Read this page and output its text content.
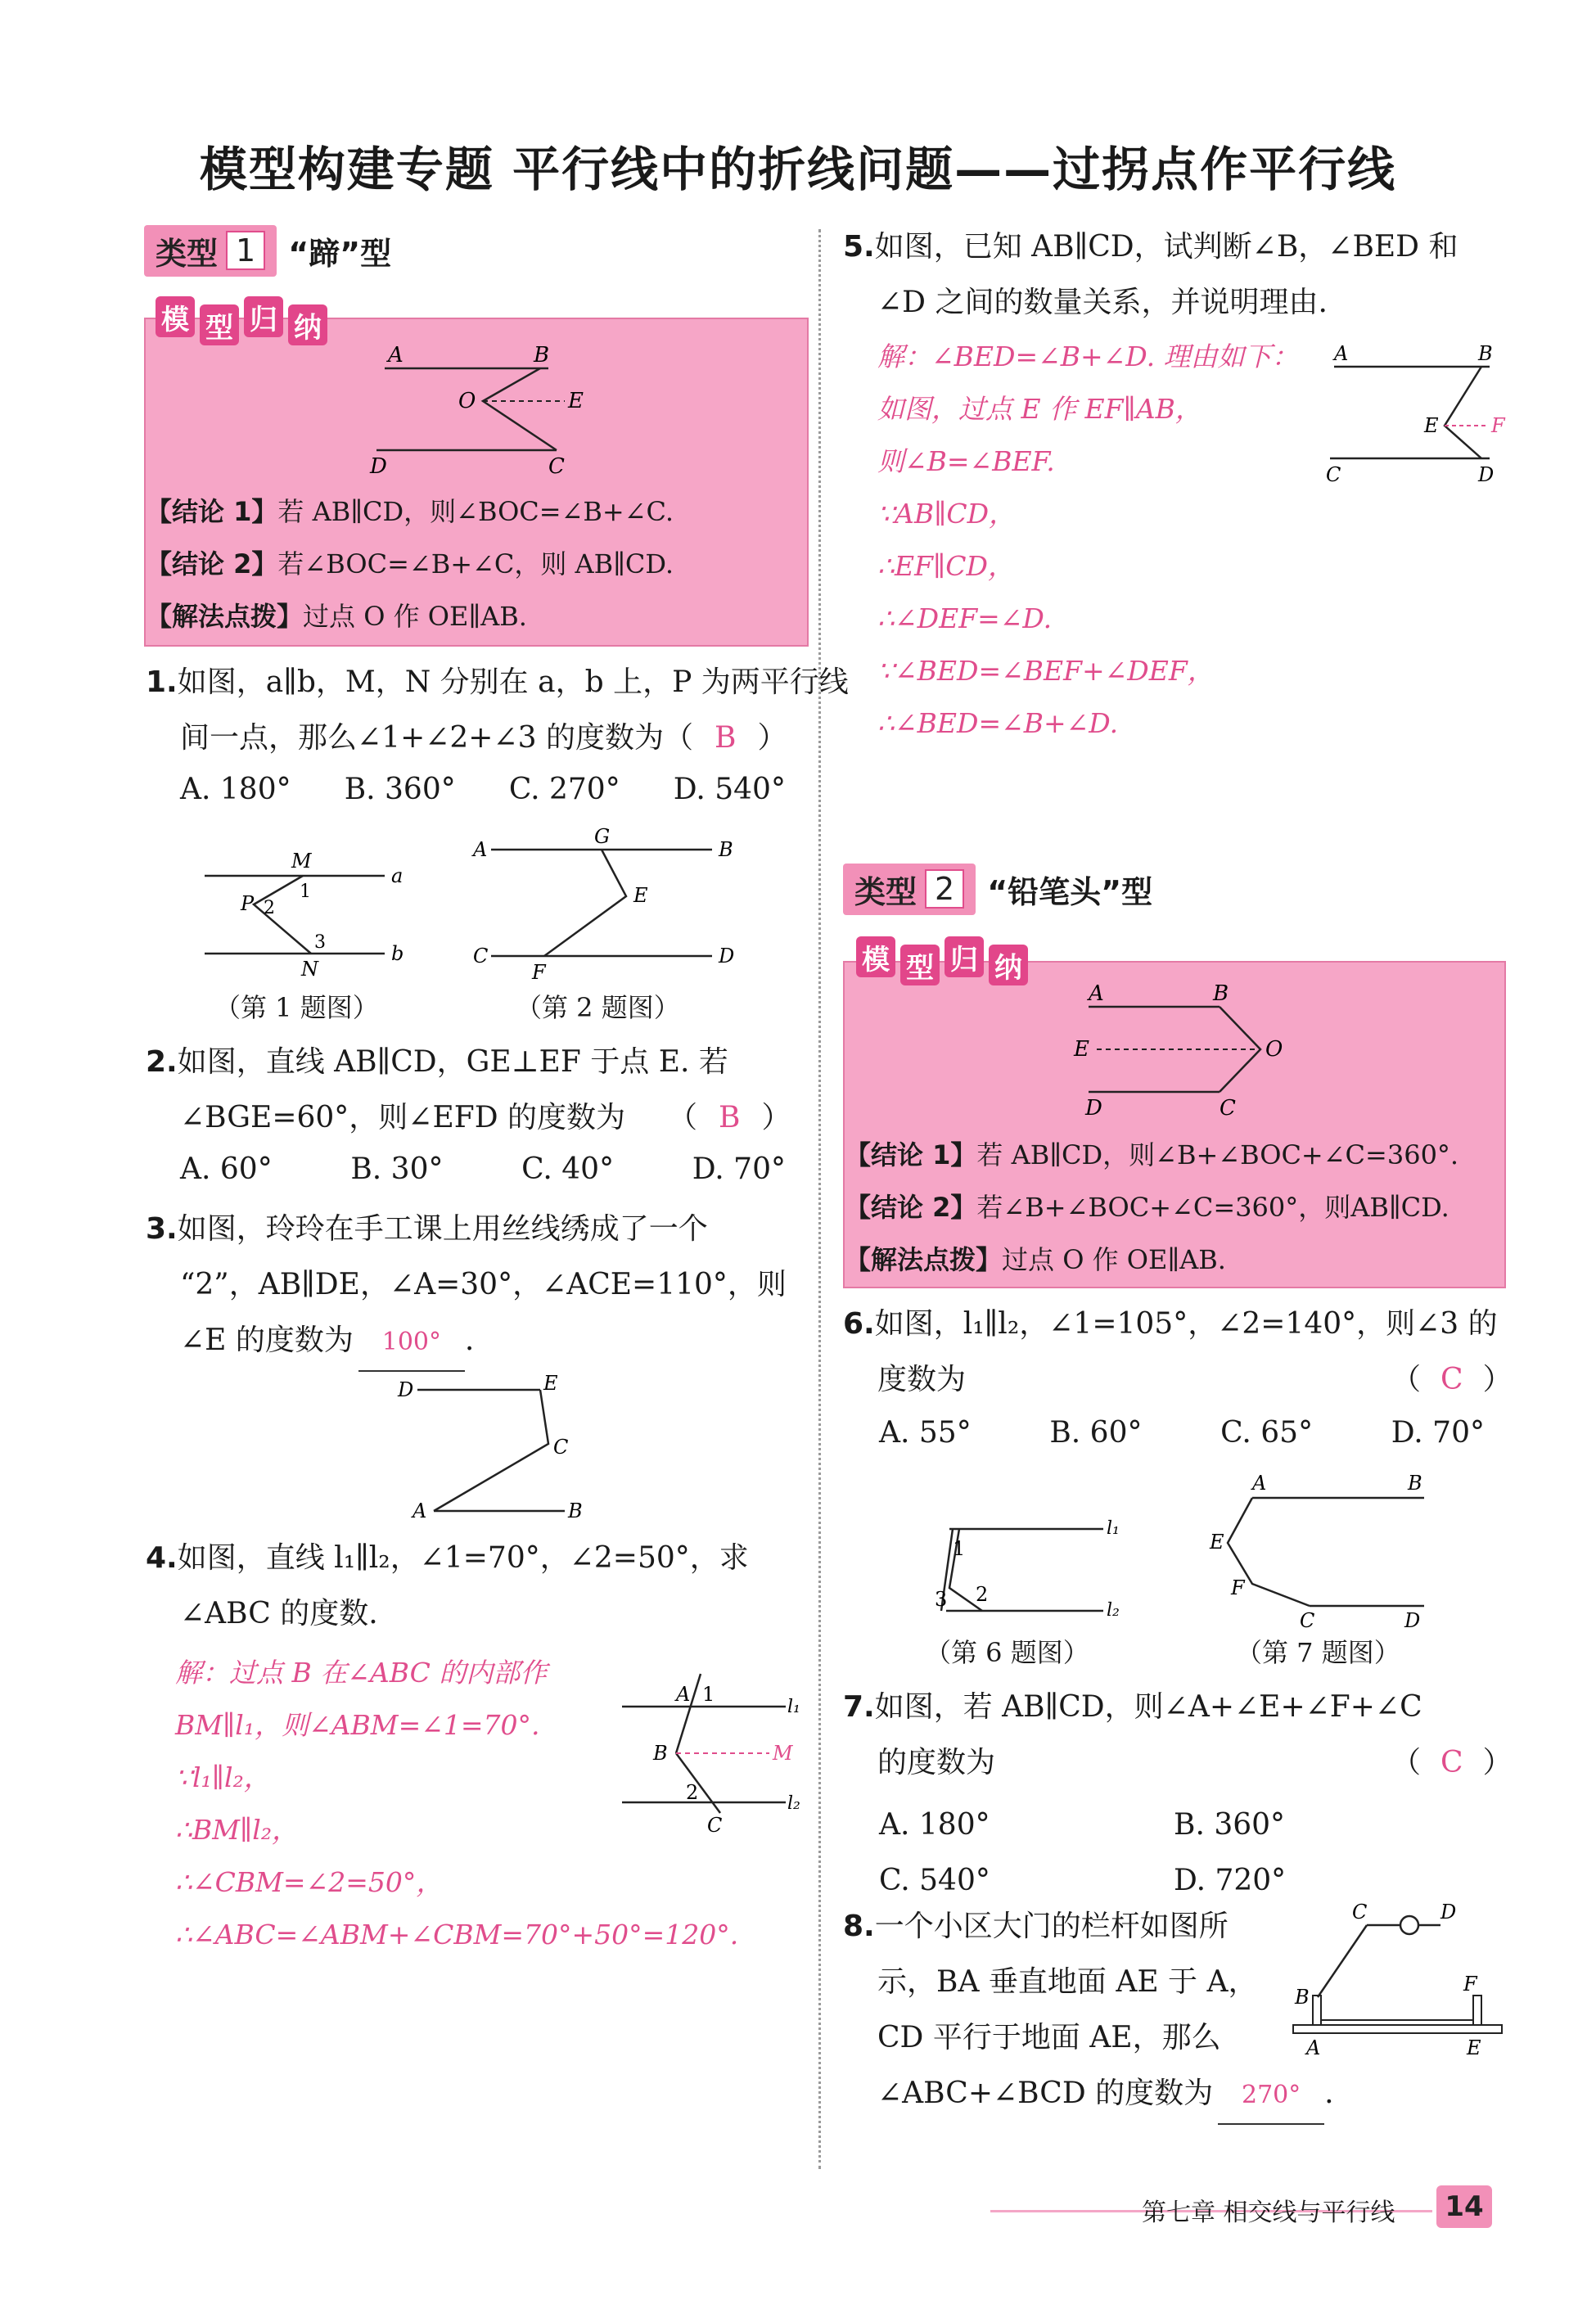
模型构建专题 平行线中的折线问题——过拐点作平行线
类型 1	“蹄”型
模 型 归 纳
A	B
O	E
D	C
【结论 1】若 AB∥CD，则∠BOC=∠B+∠C.
【结论 2】若∠BOC=∠B+∠C，则 AB∥CD.
【解法点拨】过点 O 作 OE∥AB.
1.如图，a∥b，M，N 分别在 a，b 上，P 为两平行线
间一点，那么∠1+∠2+∠3 的度数为（ B ）
A. 180° B. 360° C. 270° D. 540°
M
P
N
a
b
1
2
3
A
G
B
E
C
F
D
（第 1 题图）	（第 2 题图）
2.如图，直线 AB∥CD，GE⊥EF 于点 E. 若
∠BGE=60°，则∠EFD 的度数为 （ B ）
A. 60°	B. 30°	C. 40°	D. 70°
3.如图，玲玲在手工课上用丝线绣成了一个
“2”，AB∥DE，∠A=30°，∠ACE=110°，则
∠E 的度数为 100° .
D	E
C
A	B
4.如图，直线 l₁∥l₂，∠1=70°，∠2=50°，求
∠ABC 的度数.
解：过点 B 在∠ABC 的内部作
BM∥l₁，则∠ABM=∠1=70°.
∵l₁∥l₂，
∴BM∥l₂，
∴∠CBM=∠2=50°，
∴∠ABC=∠ABM+∠CBM=70°+50°=120°.
A 1
l₁
B	M
2
C
l₂
5.如图，已知 AB∥CD，试判断∠B，∠BED 和
∠D 之间的数量关系，并说明理由.
解：∠BED=∠B+∠D. 理由如下：
如图，过点 E 作 EF∥AB，
则∠B=∠BEF.
∵AB∥CD，
∴EF∥CD，
∴∠DEF=∠D.
∵∠BED=∠BEF+∠DEF，
∴∠BED=∠B+∠D.
A	B
E	F
C	D
类型 2	“铅笔头”型
模 型 归 纳
A	B
E	O
D	C
【结论 1】若 AB∥CD，则∠B+∠BOC+∠C=360°.
【结论 2】若∠B+∠BOC+∠C=360°，则AB∥CD.
【解法点拨】过点 O 作 OE∥AB.
6.如图，l₁∥l₂，∠1=105°，∠2=140°，则∠3 的
度数为	（ C ）
A. 55°	B. 60°	C. 65°	D. 70°
l₁
l₂
1
2
3
A	B
E
F
C	D
（第 6 题图）	（第 7 题图）
7.如图，若 AB∥CD，则∠A+∠E+∠F+∠C
的度数为	（ C ）
A. 180°	B. 360°
C. 540°	D. 720°
8.一个小区大门的栏杆如图所
示，BA 垂直地面 AE 于 A，
CD 平行于地面 AE，那么
∠ABC+∠BCD 的度数为 270° .
C	D
B
F
A	E
第七章 相交线与平行线	14
